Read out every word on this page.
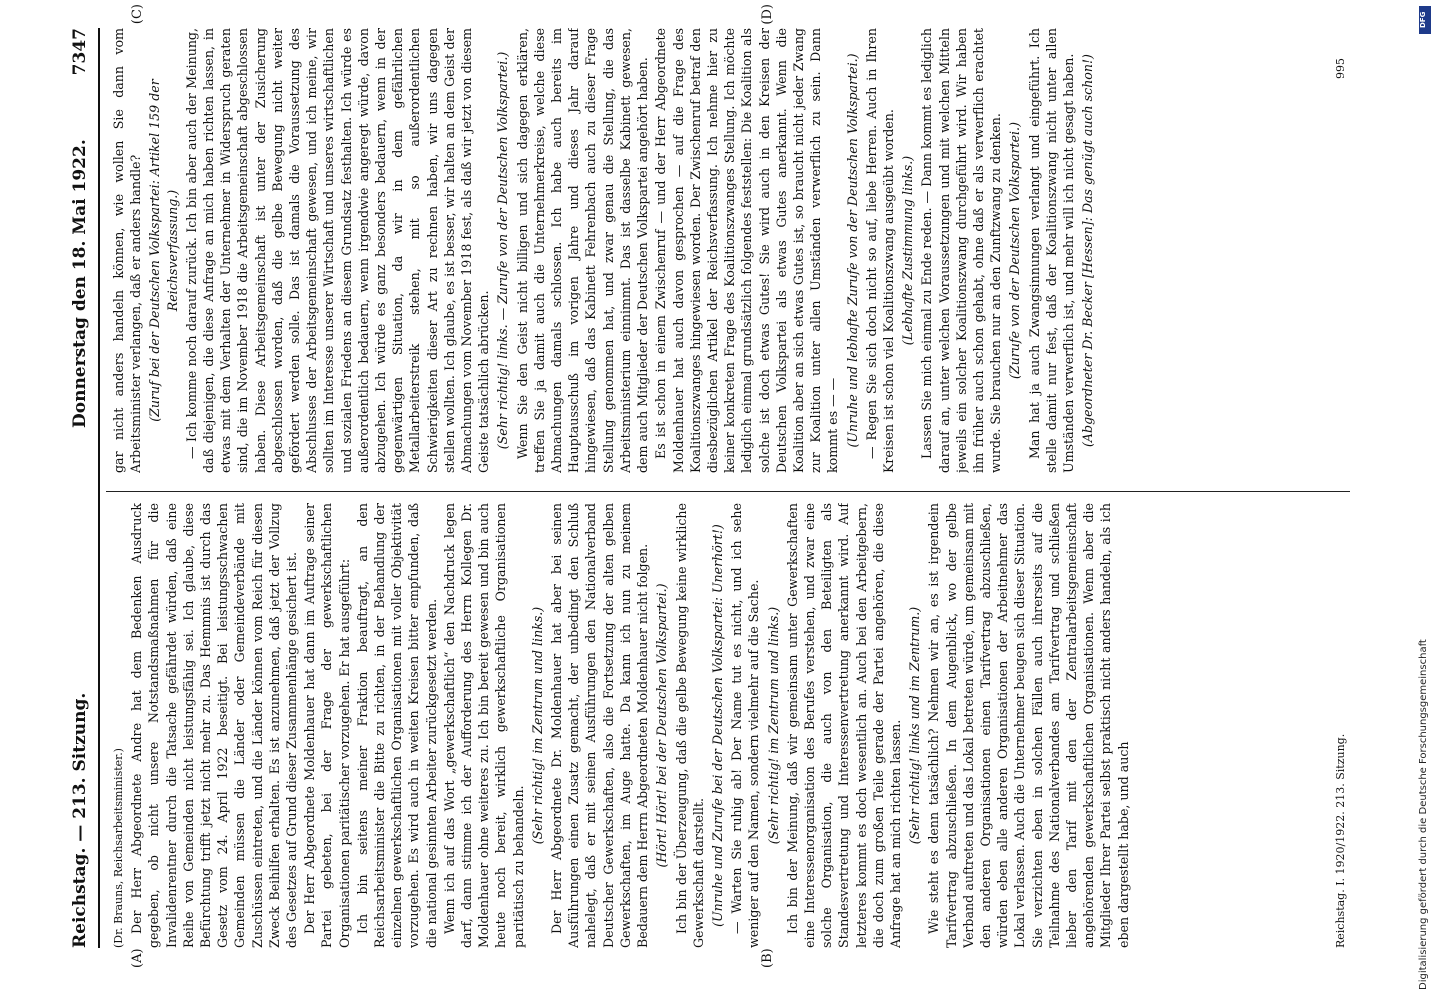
Reichstag. — 213. Sitzung.
Donnerstag den 18. Mai 1922.
7347
(A)	(B)
(C)	(D)

(Dr. Brauns, Reichsarbeitsminister.) Der Herr Abgeordnete Andre hat dem Bedenken Ausdruck gegeben, ob nicht unsere Notstandsmaßnahmen für die Invalidenrentner durch die Tatsache gefährdet würden, daß eine Reihe von Gemeinden nicht leistungsfähig sei. Ich glaube, diese Befürchtung trifft jetzt nicht mehr zu. Das Hemmnis ist durch das Gesetz vom 24. April 1922 beseitigt. Bei leistungsschwachen Gemeinden müssen die Länder oder Gemeindeverbände mit Zuschüssen eintreten, und die Länder können vom Reich für diesen Zweck Beihilfen erhalten. Es ist anzunehmen, daß jetzt der Vollzug des Gesetzes auf Grund dieser Zusammenhänge gesichert ist. Der Herr Abgeordnete Moldenhauer hat dann im Auftrage seiner Partei gebeten, bei der Frage der gewerkschaftlichen Organisationen paritätischer vorzugehen. Er hat ausgeführt: Ich bin seitens meiner Fraktion beauftragt, an den Reichsarbeitsminister die Bitte zu richten, in der Behandlung der einzelnen gewerkschaftlichen Organisationen mit voller Objektivität vorzugehen. Es wird auch in weiten Kreisen bitter empfunden, daß die national gesinnten Arbeiter zurückgesetzt werden. Wenn ich auf das Wort „gewerkschaftlich“ den Nachdruck legen darf, dann stimme ich der Aufforderung des Herrn Kollegen Dr. Moldenhauer ohne weiteres zu. Ich bin bereit gewesen und bin auch heute noch bereit, wirklich gewerkschaftliche Organisationen paritätisch zu behandeln.

(Sehr richtig! im Zentrum und links.) Der Herr Abgeordnete Dr. Moldenhauer hat aber bei seinen Ausführungen einen Zusatz gemacht, der unbedingt den Schluß nahelegt, daß er mit seinen Ausführungen den Nationalverband Deutscher Gewerkschaften, also die Fortsetzung der alten gelben Gewerkschaften, im Auge hatte. Da kann ich nun zu meinem Bedauern dem Herrn Abgeordneten Moldenhauer nicht folgen. (Hört! Hört! bei der Deutschen Volkspartei.) Ich bin der Überzeugung, daß die gelbe Bewegung keine wirkliche Gewerkschaft darstellt. (Unruhe und Zurufe bei der Deutschen Volkspartei: Unerhört!) — Warten Sie ruhig ab! Der Name tut es nicht, und ich sehe weniger auf den Namen, sondern vielmehr auf die Sache. (Sehr richtig! im Zentrum und links.) Ich bin der Meinung, daß wir gemeinsam unter Gewerkschaften eine Interessenorganisation des Berufes verstehen, und zwar eine solche Organisation, die auch von den Beteiligten als Standesvertretung und Interessenvertretung anerkannt wird. Auf letzteres kommt es doch wesentlich an. Auch bei den Arbeitgebern, die doch zum großen Teile gerade der Partei angehören, die diese Anfrage hat an mich richten lassen. (Sehr richtig! links und im Zentrum.) Wie steht es denn tatsächlich? Nehmen wir an, es ist irgendein Tarifvertrag abzuschließen. In dem Augenblick, wo der gelbe Verband auftreten und das Lokal betreten würde, um gemeinsam mit den anderen Organisationen einen Tarifvertrag abzuschließen, würden eben alle anderen Organisationen der Arbeitnehmer das Lokal verlassen. Auch die Unternehmer beugen sich dieser Situation. Sie verzichten eben in solchen Fällen auch ihrerseits auf die Teilnahme des Nationalverbandes am Tarifvertrag und schließen lieber den Tarif mit den der Zentralarbeitsgemeinschaft angehörenden gewerkschaftlichen Organisationen. Wenn aber die Mitglieder Ihrer Partei selbst praktisch nicht anders handeln, als ich eben dargestellt habe, und auch

gar nicht anders handeln können, wie wollen Sie dann vom Arbeitsminister verlangen, daß er anders handle? (Zuruf bei der Deutschen Volkspartei: Artikel 159 der Reichsverfassung.) — Ich komme noch darauf zurück. Ich bin aber auch der Meinung, daß diejenigen, die diese Anfrage an mich haben richten lassen, in etwas mit dem Verhalten der Unternehmer in Widerspruch geraten sind, die im November 1918 die Arbeitsgemeinschaft abgeschlossen haben. Diese Arbeitsgemeinschaft ist unter der Zusicherung abgeschlossen worden, daß die gelbe Bewegung nicht weiter gefördert werden solle. Das ist damals die Voraussetzung des Abschlusses der Arbeitsgemeinschaft gewesen, und ich meine, wir sollten im Interesse unserer Wirtschaft und unseres wirtschaftlichen und sozialen Friedens an diesem Grundsatz festhalten. Ich würde es außerordentlich bedauern, wenn irgendwie angeregt würde, davon abzugehen. Ich würde es ganz besonders bedauern, wenn in der gegenwärtigen Situation, da wir in dem gefährlichen Metallarbeiterstreik stehen, mit so außerordentlichen Schwierigkeiten dieser Art zu rechnen haben, wir uns dagegen stellen wollten. Ich glaube, es ist besser, wir halten an dem Geist der Abmachungen vom November 1918 fest, als daß wir jetzt von diesem Geiste tatsächlich abrücken. (Sehr richtig! links. — Zurufe von der Deutschen Volkspartei.) Wenn Sie den Geist nicht billigen und sich dagegen erklären, treffen Sie ja damit auch die Unternehmerkreise, welche diese Abmachungen damals schlossen. Ich habe auch bereits im Hauptausschuß im vorigen Jahre und dieses Jahr darauf hingewiesen, daß das Kabinett Fehrenbach auch zu dieser Frage Stellung genommen hat, und zwar genau die Stellung, die das Arbeitsministerium einnimmt. Das ist dasselbe Kabinett gewesen, dem auch Mitglieder der Deutschen Volkspartei angehört haben. Es ist schon in einem Zwischenruf — und der Herr Abgeordnete Moldenhauer hat auch davon gesprochen — auf die Frage des Koalitionszwanges hingewiesen worden. Der Zwischenruf betraf den diesbezüglichen Artikel der Reichsverfassung. Ich nehme hier zu keiner konkreten Frage des Koalitionszwanges Stellung. Ich möchte lediglich einmal grundsätzlich folgendes feststellen: Die Koalition als solche ist doch etwas Gutes! Sie wird auch in den Kreisen der Deutschen Volkspartei als etwas Gutes anerkannt. Wenn die Koalition aber an sich etwas Gutes ist, so braucht nicht jeder Zwang zur Koalition unter allen Umständen verwerflich zu sein. Dann kommt es — — (Unruhe und lebhafte Zurufe von der Deutschen Volkspartei.) — Regen Sie sich doch nicht so auf, liebe Herren. Auch in Ihren Kreisen ist schon viel Koalitionszwang ausgeübt worden. (Lebhafte Zustimmung links.) Lassen Sie mich einmal zu Ende reden. — Dann kommt es lediglich darauf an, unter welchen Voraussetzungen und mit welchen Mitteln jeweils ein solcher Koalitionszwang durchgeführt wird. Wir haben ihn früher auch schon gehabt, ohne daß er als verwerflich erachtet wurde. Sie brauchen nur an den Zunftzwang zu denken. (Zurufe von der Deutschen Volkspartei.) Man hat ja auch Zwangsinnungen verlangt und eingeführt. Ich stelle damit nur fest, daß der Koalitionszwang nicht unter allen Umständen verwerflich ist, und mehr will ich nicht gesagt haben. (Abgeordneter Dr. Becker [Hessen]: Das genügt auch schon!)

Reichstag. I. 1920/1922. 213. Sitzung.
995
DFG
Digitalisierung gefördert durch die Deutsche Forschungsgemeinschaft
